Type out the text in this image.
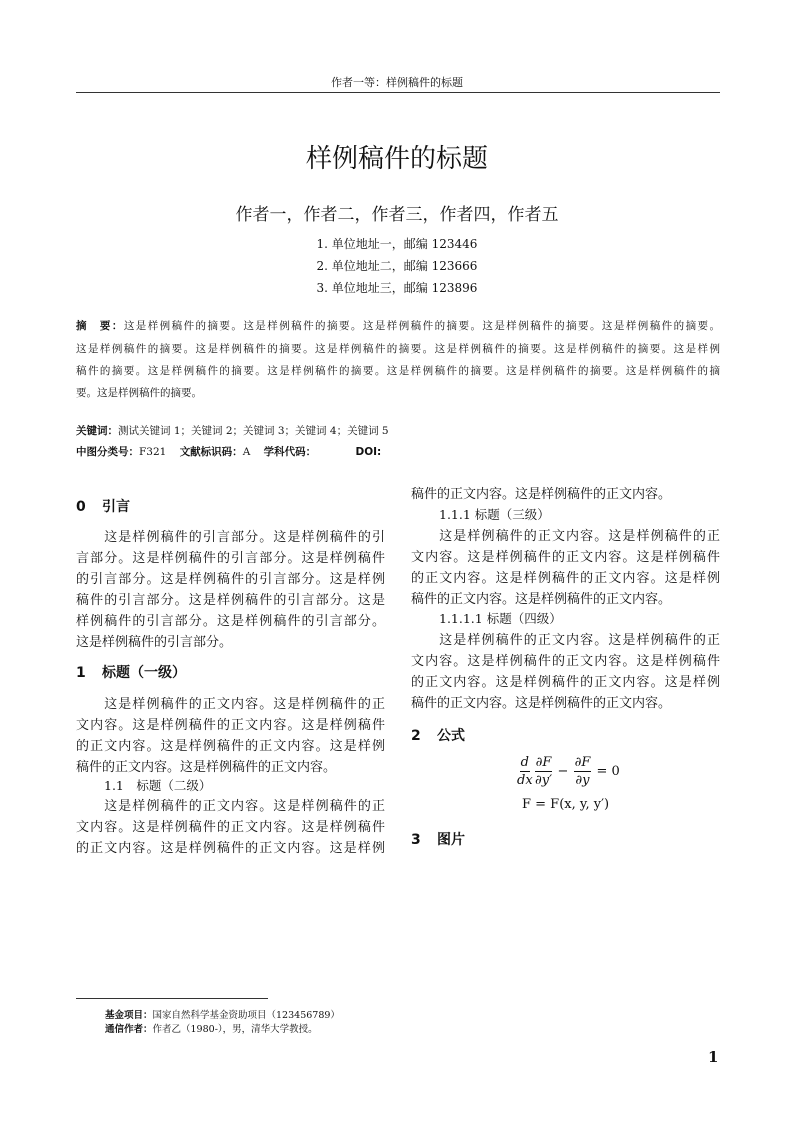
作者一等：样例稿件的标题
样例稿件的标题
作者一，作者二，作者三，作者四，作者五
1. 单位地址一，邮编 123446
2. 单位地址二，邮编 123666
3. 单位地址三，邮编 123896
摘　要：这是样例稿件的摘要。这是样例稿件的摘要。这是样例稿件的摘要。这是样例稿件的摘要。这是样例稿件的摘要。
这是样例稿件的摘要。这是样例稿件的摘要。这是样例稿件的摘要。这是样例稿件的摘要。这是样例稿件的摘要。这是样例
稿件的摘要。这是样例稿件的摘要。这是样例稿件的摘要。这是样例稿件的摘要。这是样例稿件的摘要。这是样例稿件的摘
要。这是样例稿件的摘要。
关键词：测试关键词 1；关键词 2；关键词 3；关键词 4；关键词 5
中图分类号：F321 文献标识码：A 学科代码：	DOI:
0 引言
　　这是样例稿件的引言部分。这是样例稿件的引
言部分。这是样例稿件的引言部分。这是样例稿件
的引言部分。这是样例稿件的引言部分。这是样例
稿件的引言部分。这是样例稿件的引言部分。这是
样例稿件的引言部分。这是样例稿件的引言部分。
这是样例稿件的引言部分。
1 标题（一级）
　　这是样例稿件的正文内容。这是样例稿件的正
文内容。这是样例稿件的正文内容。这是样例稿件
的正文内容。这是样例稿件的正文内容。这是样例
稿件的正文内容。这是样例稿件的正文内容。
1.1　标题（二级）
　　这是样例稿件的正文内容。这是样例稿件的正
文内容。这是样例稿件的正文内容。这是样例稿件
的正文内容。这是样例稿件的正文内容。这是样例
稿件的正文内容。这是样例稿件的正文内容。
1.1.1 标题（三级）
　　这是样例稿件的正文内容。这是样例稿件的正
文内容。这是样例稿件的正文内容。这是样例稿件
的正文内容。这是样例稿件的正文内容。这是样例
稿件的正文内容。这是样例稿件的正文内容。
1.1.1.1 标题（四级）
　　这是样例稿件的正文内容。这是样例稿件的正
文内容。这是样例稿件的正文内容。这是样例稿件
的正文内容。这是样例稿件的正文内容。这是样例
稿件的正文内容。这是样例稿件的正文内容。
2 公式
$\frac{d}{dx} \frac{\partial F}{\partial y'} - \frac{\partial F}{\partial y} = 0$
F = F(x, y, y′)
3 图片
基金项目：国家自然科学基金资助项目（123456789）
通信作者：作者乙（1980-），男，清华大学教授。
1
